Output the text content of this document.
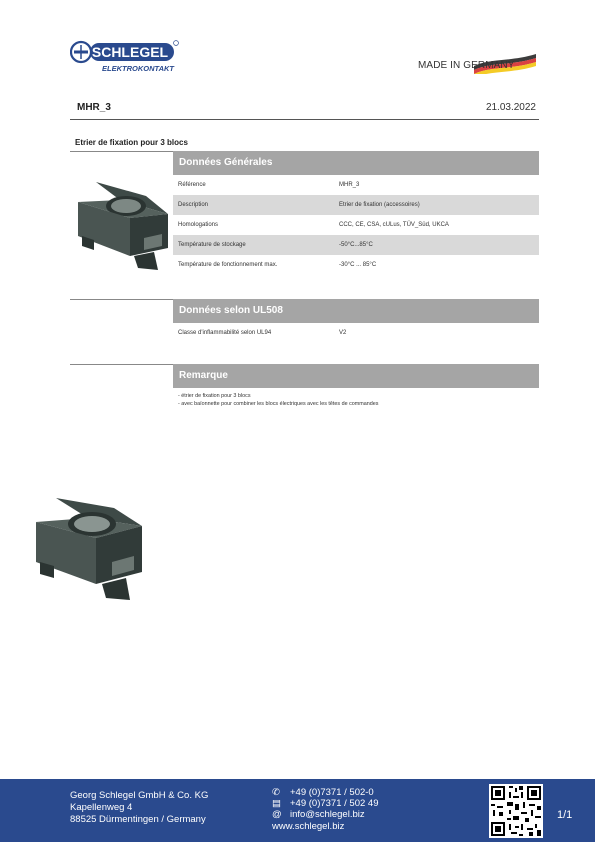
SCHLEGEL
ELEKTROKONTAKT	MADE IN GERMANY
MHR_3	21.03.2022
Etrier de fixation pour 3 blocs
Données Générales
Référence	MHR_3
Description	Etrier de fixation (accessoires)
Homologations	CCC, CE, CSA, cULus, TÜV_Süd, UKCA
Température de stockage	-50°C...85°C
Température de fonctionnement max.	-30°C ... 85°C
Données selon UL508
Classe d'inflammabilité selon UL94	V2
Remarque
- étrier de fixation pour 3 blocs
- avec baïonnette pour combiner les blocs électriques avec les têtes de commandes
Georg Schlegel GmbH & Co. KG
Kapellenweg 4
88525 Dürmentingen / Germany
✆ +49 (0)7371 / 502-0
▤ +49 (0)7371 / 502 49
@ info@schlegel.biz
www.schlegel.biz
1/1
